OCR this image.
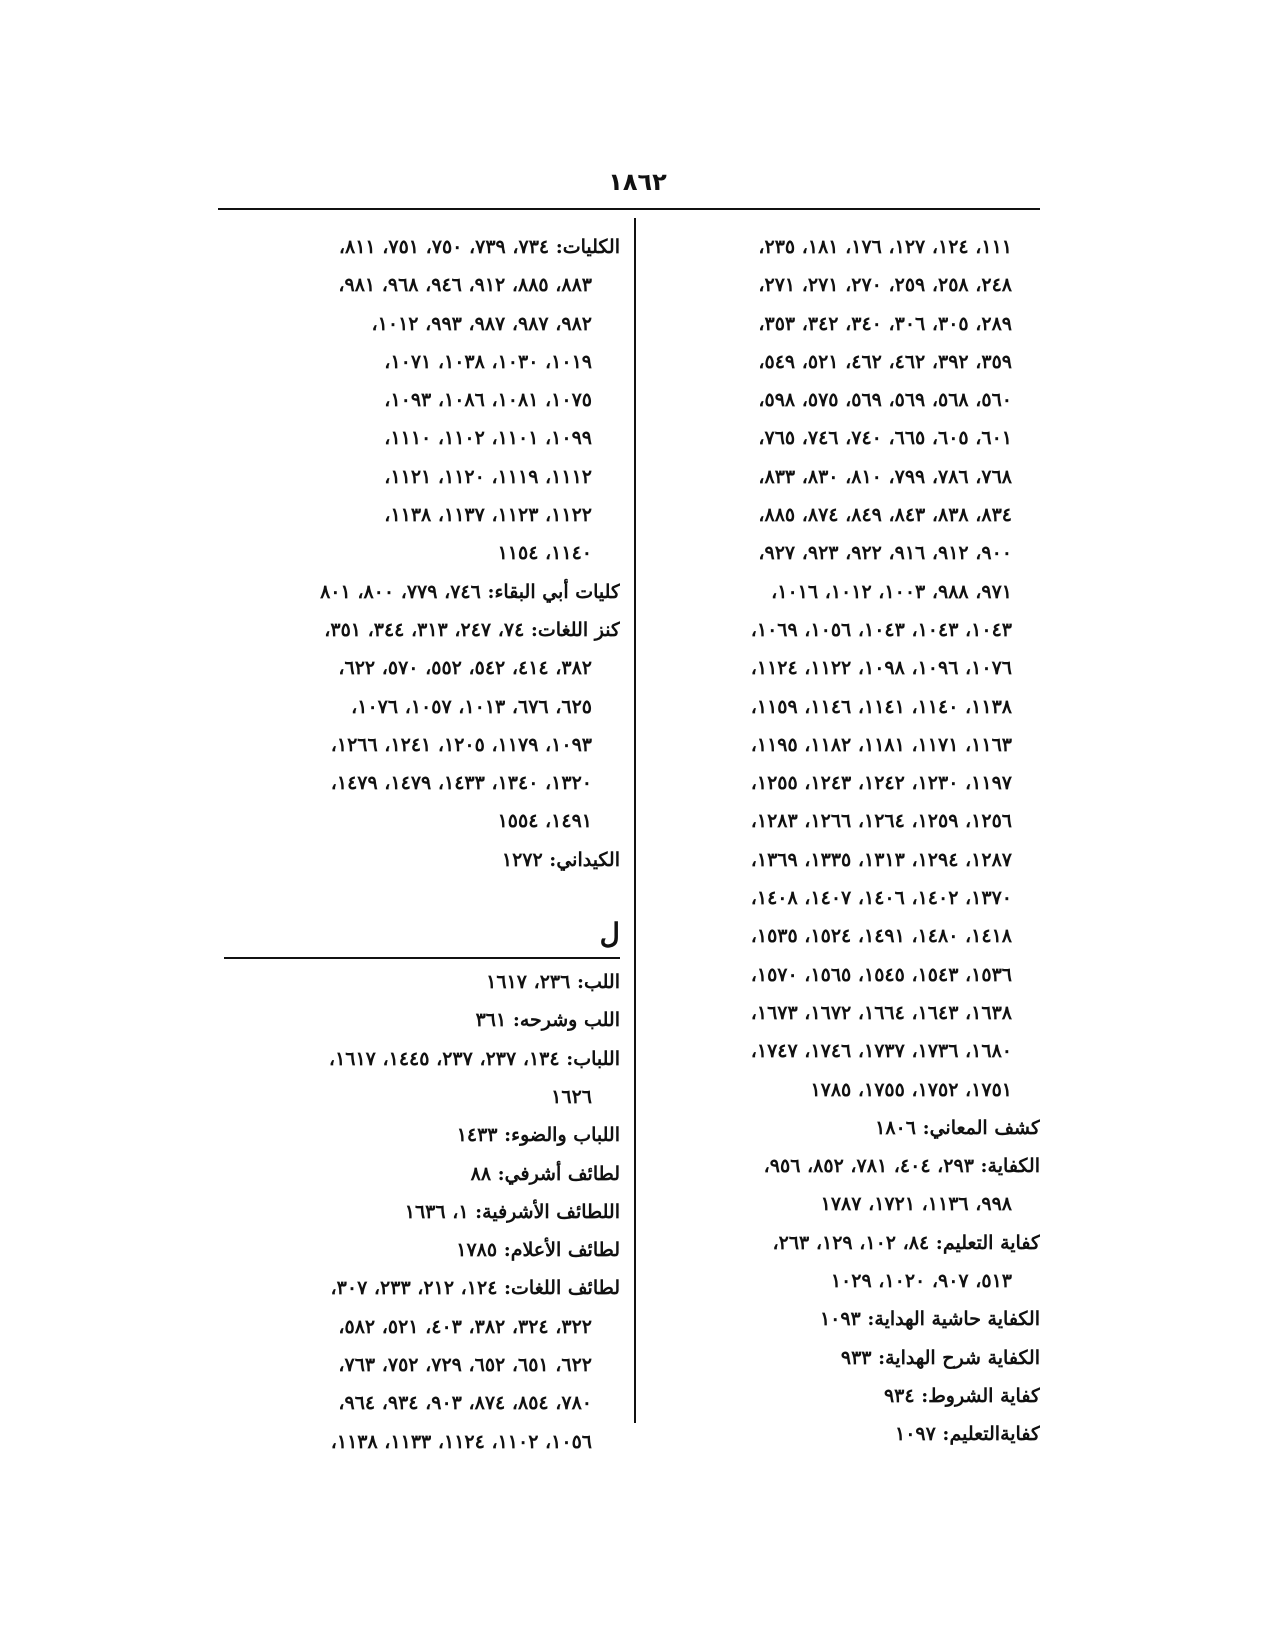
١٨٦٢
١١١، ١٢٤، ١٢٧، ١٧٦، ١٨١، ٢٣٥،
٢٤٨، ٢٥٨، ٢٥٩، ٢٧٠، ٢٧١، ٢٧١،
٢٨٩، ٣٠٥، ٣٠٦، ٣٤٠، ٣٤٢، ٣٥٣،
٣٥٩، ٣٩٢، ٤٦٢، ٤٦٢، ٥٢١، ٥٤٩،
٥٦٠، ٥٦٨، ٥٦٩، ٥٦٩، ٥٧٥، ٥٩٨،
٦٠١، ٦٠٥، ٦٦٥، ٧٤٠، ٧٤٦، ٧٦٥،
٧٦٨، ٧٨٦، ٧٩٩، ٨١٠، ٨٣٠، ٨٣٣،
٨٣٤، ٨٣٨، ٨٤٣، ٨٤٩، ٨٧٤، ٨٨٥،
٩٠٠، ٩١٢، ٩١٦، ٩٢٢، ٩٢٣، ٩٢٧،
٩٧١، ٩٨٨، ١٠٠٣، ١٠١٢، ١٠١٦،
١٠٤٣، ١٠٤٣، ١٠٤٣، ١٠٥٦، ١٠٦٩،
١٠٧٦، ١٠٩٦، ١٠٩٨، ١١٢٢، ١١٢٤،
١١٣٨، ١١٤٠، ١١٤١، ١١٤٦، ١١٥٩،
١١٦٣، ١١٧١، ١١٨١، ١١٨٢، ١١٩٥،
١١٩٧، ١٢٣٠، ١٢٤٢، ١٢٤٣، ١٢٥٥،
١٢٥٦، ١٢٥٩، ١٢٦٤، ١٢٦٦، ١٢٨٣،
١٢٨٧، ١٢٩٤، ١٣١٣، ١٣٣٥، ١٣٦٩،
١٣٧٠، ١٤٠٢، ١٤٠٦، ١٤٠٧، ١٤٠٨،
١٤١٨، ١٤٨٠، ١٤٩١، ١٥٢٤، ١٥٣٥،
١٥٣٦، ١٥٤٣، ١٥٤٥، ١٥٦٥، ١٥٧٠،
١٦٣٨، ١٦٤٣، ١٦٦٤، ١٦٧٢، ١٦٧٣،
١٦٨٠، ١٧٣٦، ١٧٣٧، ١٧٤٦، ١٧٤٧،
١٧٥١، ١٧٥٢، ١٧٥٥، ١٧٨٥
كشف المعاني: ١٨٠٦
الكفاية: ٢٩٣، ٤٠٤، ٧٨١، ٨٥٢، ٩٥٦،
٩٩٨، ١١٣٦، ١٧٢١، ١٧٨٧
كفاية التعليم: ٨٤، ١٠٢، ١٢٩، ٢٦٣،
٥١٣، ٩٠٧، ١٠٢٠، ١٠٢٩
الكفاية حاشية الهداية: ١٠٩٣
الكفاية شرح الهداية: ٩٣٣
كفاية الشروط: ٩٣٤
كفايةالتعليم: ١٠٩٧
الكليات: ٧٣٤، ٧٣٩، ٧٥٠، ٧٥١، ٨١١،
٨٨٣، ٨٨٥، ٩١٢، ٩٤٦، ٩٦٨، ٩٨١،
٩٨٢، ٩٨٧، ٩٨٧، ٩٩٣، ١٠١٢،
١٠١٩، ١٠٣٠، ١٠٣٨، ١٠٧١،
١٠٧٥، ١٠٨١، ١٠٨٦، ١٠٩٣،
١٠٩٩، ١١٠١، ١١٠٢، ١١١٠،
١١١٢، ١١١٩، ١١٢٠، ١١٢١،
١١٢٢، ١١٢٣، ١١٣٧، ١١٣٨،
١١٤٠، ١١٥٤
كليات أبي البقاء: ٧٤٦، ٧٧٩، ٨٠٠، ٨٠١
كنز اللغات: ٧٤، ٢٤٧، ٣١٣، ٣٤٤، ٣٥١،
٣٨٢، ٤١٤، ٥٤٢، ٥٥٢، ٥٧٠، ٦٢٢،
٦٢٥، ٦٧٦، ١٠١٣، ١٠٥٧، ١٠٧٦،
١٠٩٣، ١١٧٩، ١٢٠٥، ١٢٤١، ١٢٦٦،
١٣٢٠، ١٣٤٠، ١٤٣٣، ١٤٧٩، ١٤٧٩،
١٤٩١، ١٥٥٤
الكيداني: ١٢٧٢
ل
اللب: ٢٣٦، ١٦١٧
اللب وشرحه: ٣٦١
اللباب: ١٣٤، ٢٣٧، ٢٣٧، ١٤٤٥، ١٦١٧،
١٦٢٦
اللباب والضوء: ١٤٣٣
لطائف أشرفي: ٨٨
اللطائف الأشرفية: ١، ١٦٣٦
لطائف الأعلام: ١٧٨٥
لطائف اللغات: ١٢٤، ٢١٢، ٢٣٣، ٣٠٧،
٣٢٢، ٣٢٤، ٣٨٢، ٤٠٣، ٥٢١، ٥٨٢،
٦٢٢، ٦٥١، ٦٥٢، ٧٢٩، ٧٥٢، ٧٦٣،
٧٨٠، ٨٥٤، ٨٧٤، ٩٠٣، ٩٣٤، ٩٦٤،
١٠٥٦، ١١٠٢، ١١٢٤، ١١٣٣، ١١٣٨،
